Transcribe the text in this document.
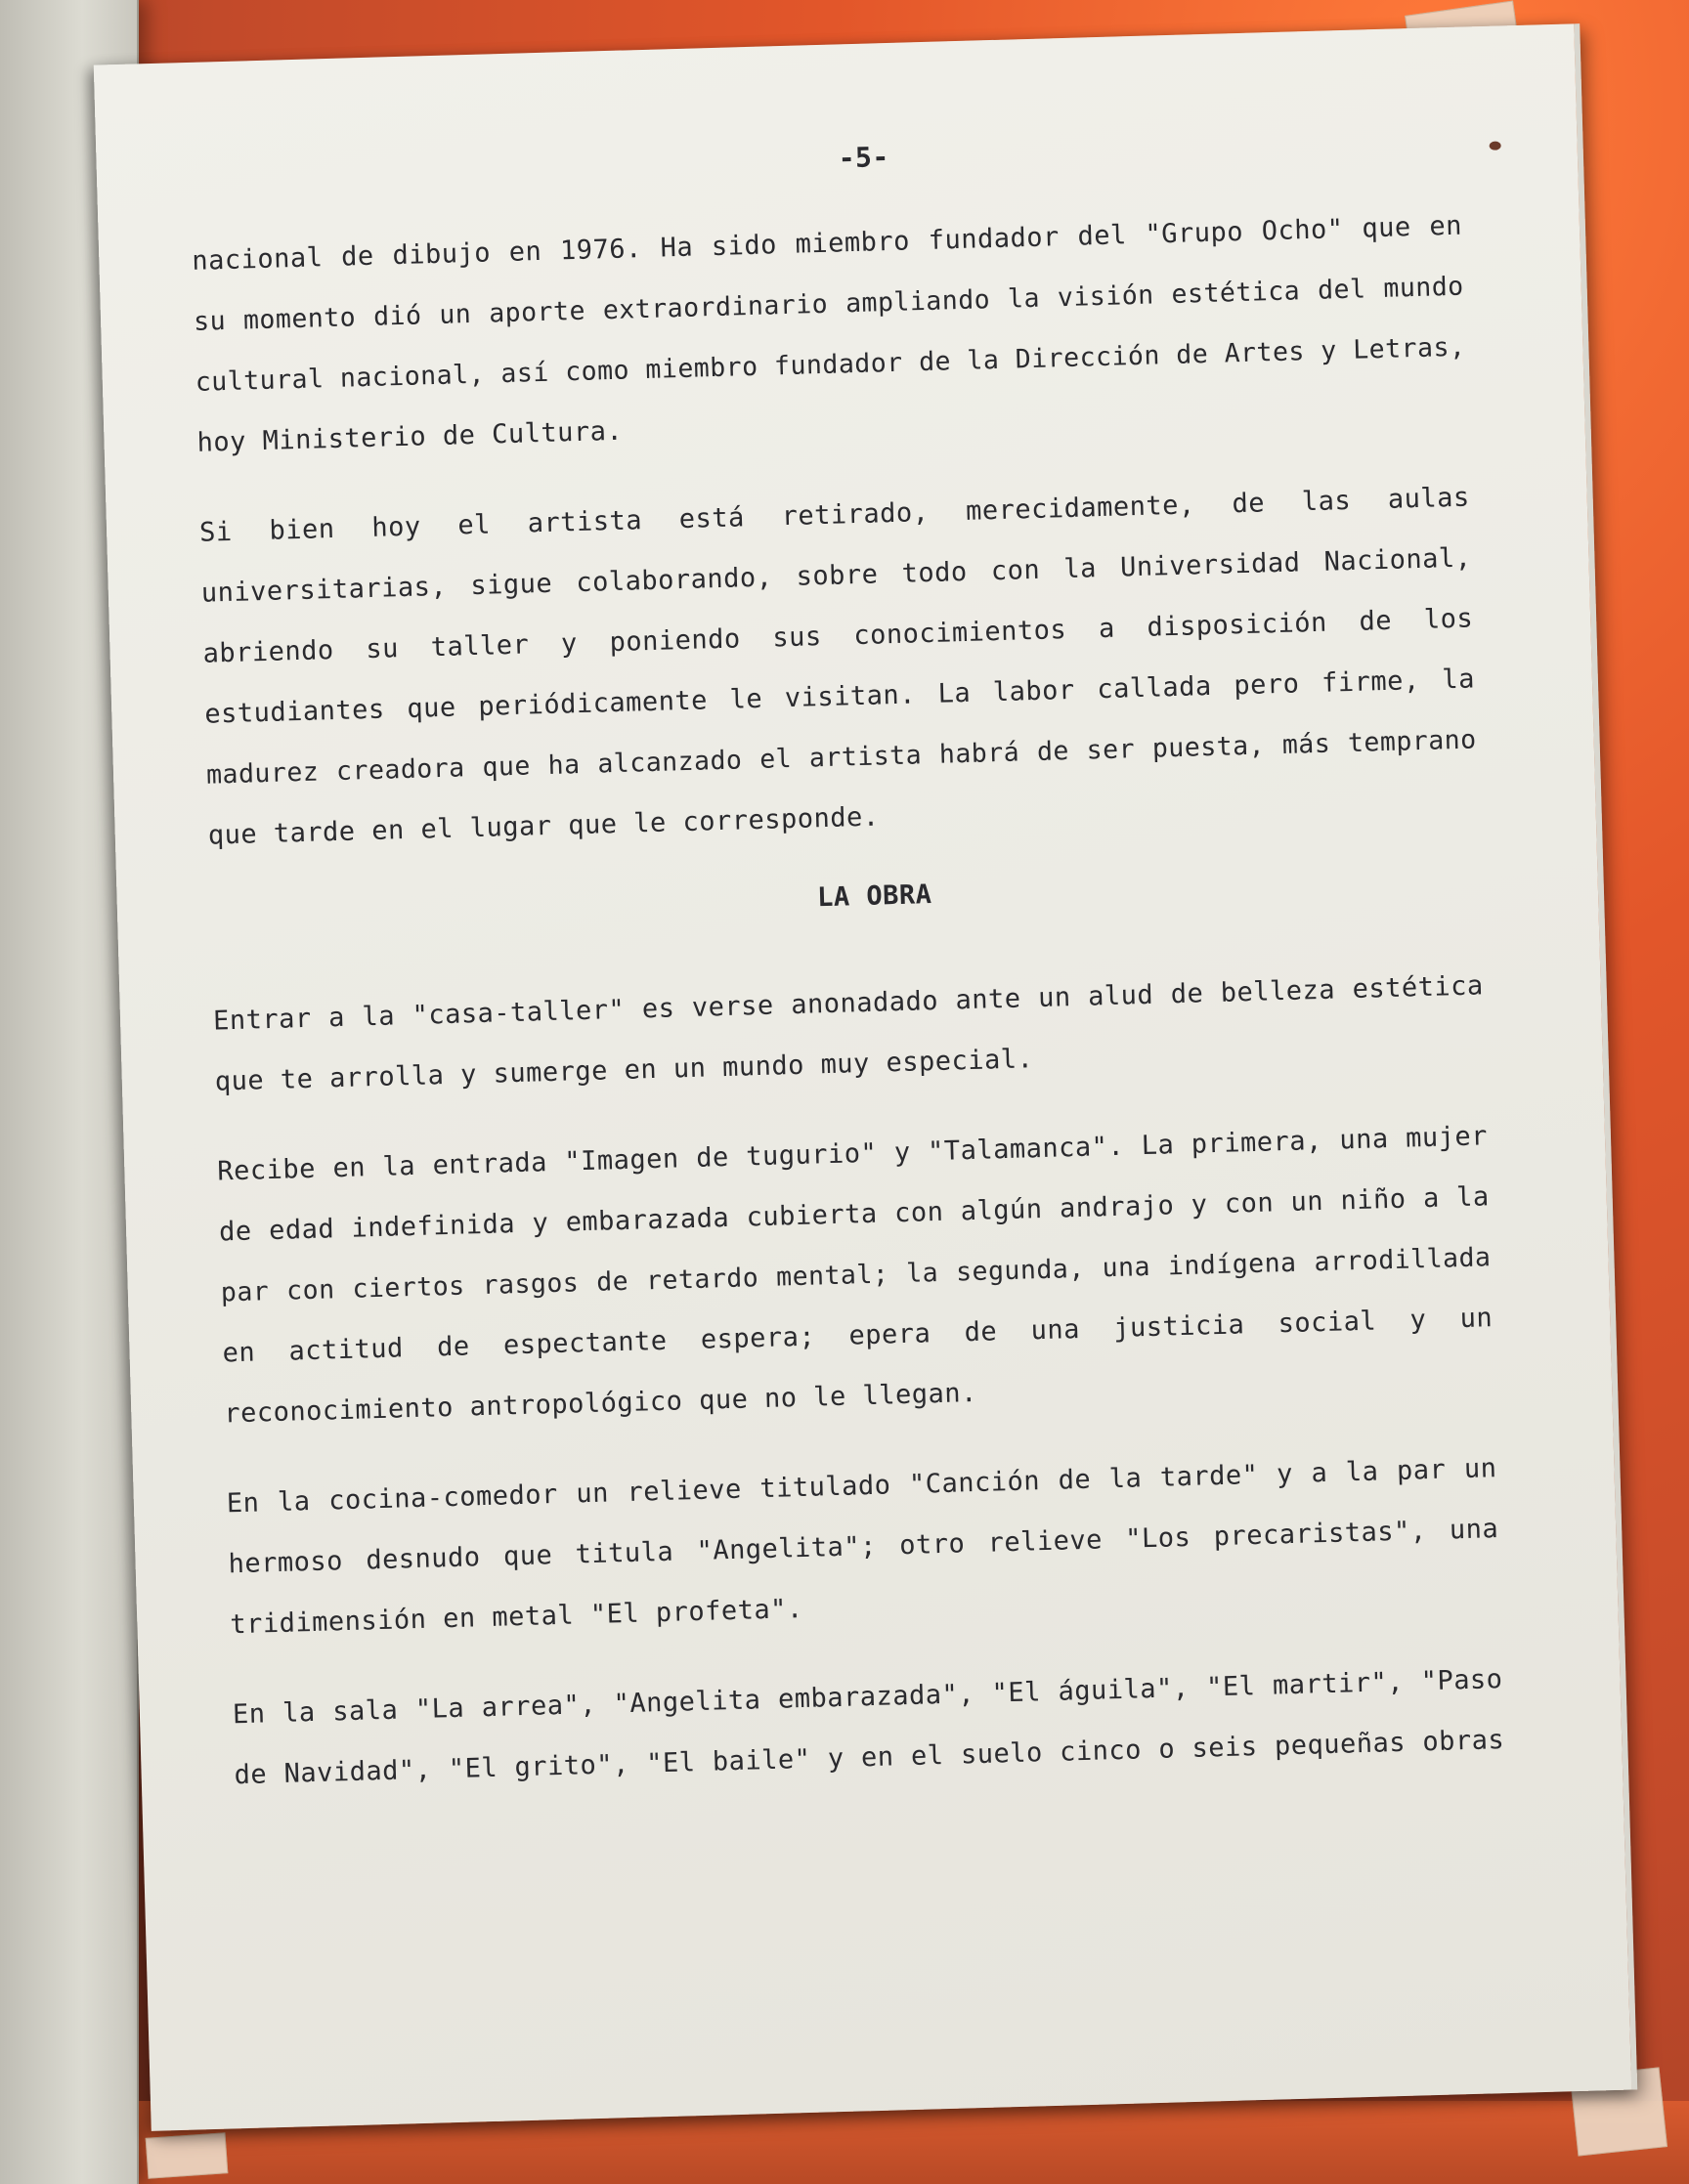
-5-
nacional de dibujo en 1976. Ha sido miembro fundador del "Grupo Ocho" que en
su momento dió un aporte extraordinario ampliando la visión estética del mundo
cultural nacional, así como miembro fundador de la Dirección de Artes y Letras,
hoy Ministerio de Cultura.
Si bien hoy el artista está retirado, merecidamente, de las aulas
universitarias, sigue colaborando, sobre todo con la Universidad Nacional,
abriendo su taller y poniendo sus conocimientos a disposición de los
estudiantes que periódicamente le visitan. La labor callada pero firme, la
madurez creadora que ha alcanzado el artista habrá de ser puesta, más temprano
que tarde en el lugar que le corresponde.
LA OBRA
Entrar a la "casa-taller" es verse anonadado ante un alud de belleza estética
que te arrolla y sumerge en un mundo muy especial.
Recibe en la entrada "Imagen de tugurio" y "Talamanca". La primera, una mujer
de edad indefinida y embarazada cubierta con algún andrajo y con un niño a la
par con ciertos rasgos de retardo mental; la segunda, una indígena arrodillada
en actitud de espectante espera; epera de una justicia social y un
reconocimiento antropológico que no le llegan.
En la cocina-comedor un relieve titulado "Canción de la tarde" y a la par un
hermoso desnudo que titula "Angelita"; otro relieve "Los precaristas", una
tridimensión en metal "El profeta".
En la sala "La arrea", "Angelita embarazada", "El águila", "El martir", "Paso
de Navidad", "El grito", "El baile" y en el suelo cinco o seis pequeñas obras
